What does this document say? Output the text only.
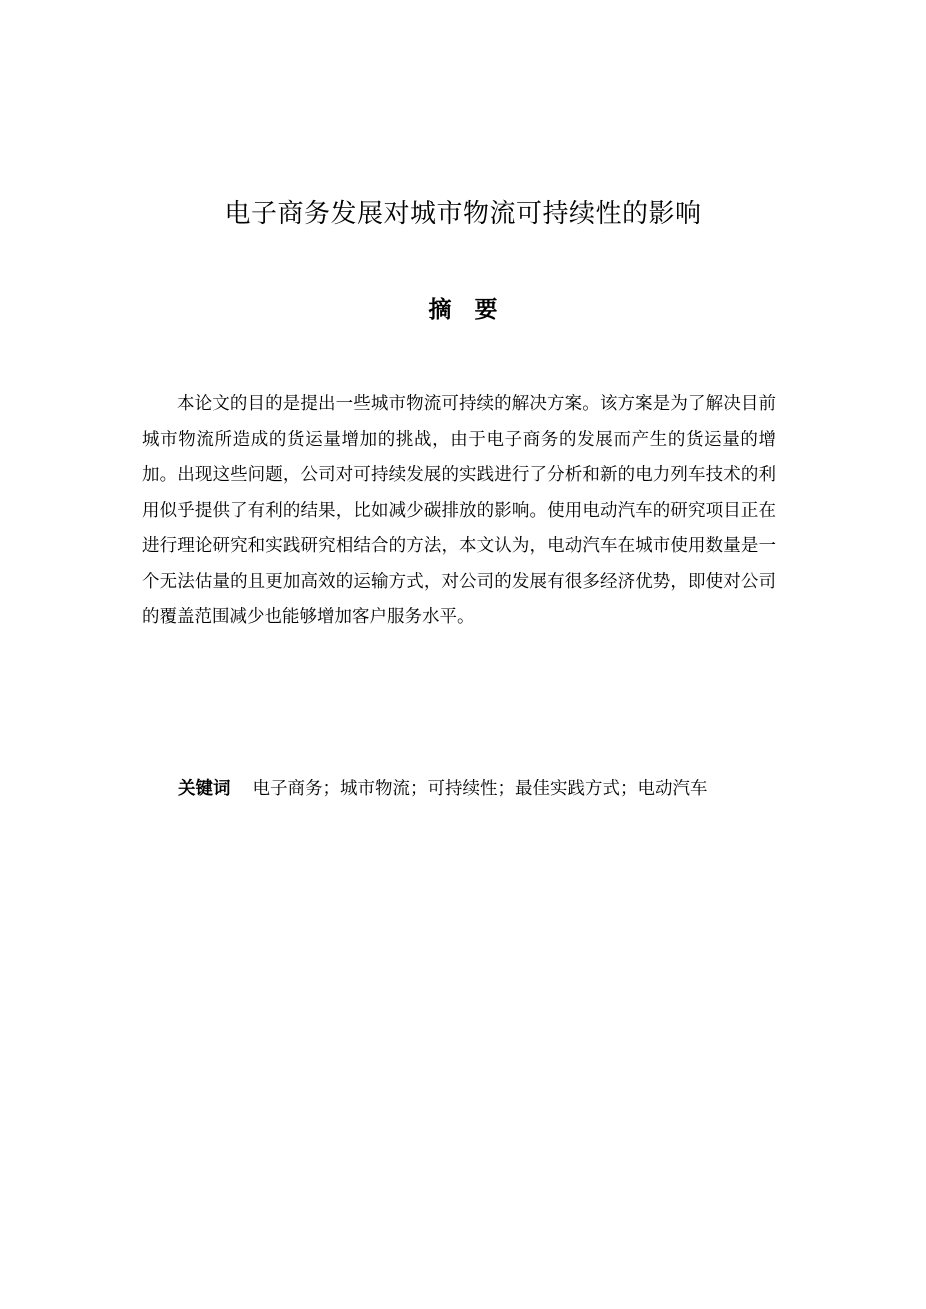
电子商务发展对城市物流可持续性的影响
摘　要

本论文的目的是提出一些城市物流可持续的解决方案。该方案是为了解决目前城市物流所造成的货运量增加的挑战，由于电子商务的发展而产生的货运量的增加。出现这些问题，公司对可持续发展的实践进行了分析和新的电力列车技术的利用似乎提供了有利的结果，比如减少碳排放的影响。使用电动汽车的研究项目正在进行理论研究和实践研究相结合的方法，本文认为，电动汽车在城市使用数量是一个无法估量的且更加高效的运输方式，对公司的发展有很多经济优势，即使对公司的覆盖范围减少也能够增加客户服务水平。

关键词 电子商务；城市物流；可持续性；最佳实践方式；电动汽车
